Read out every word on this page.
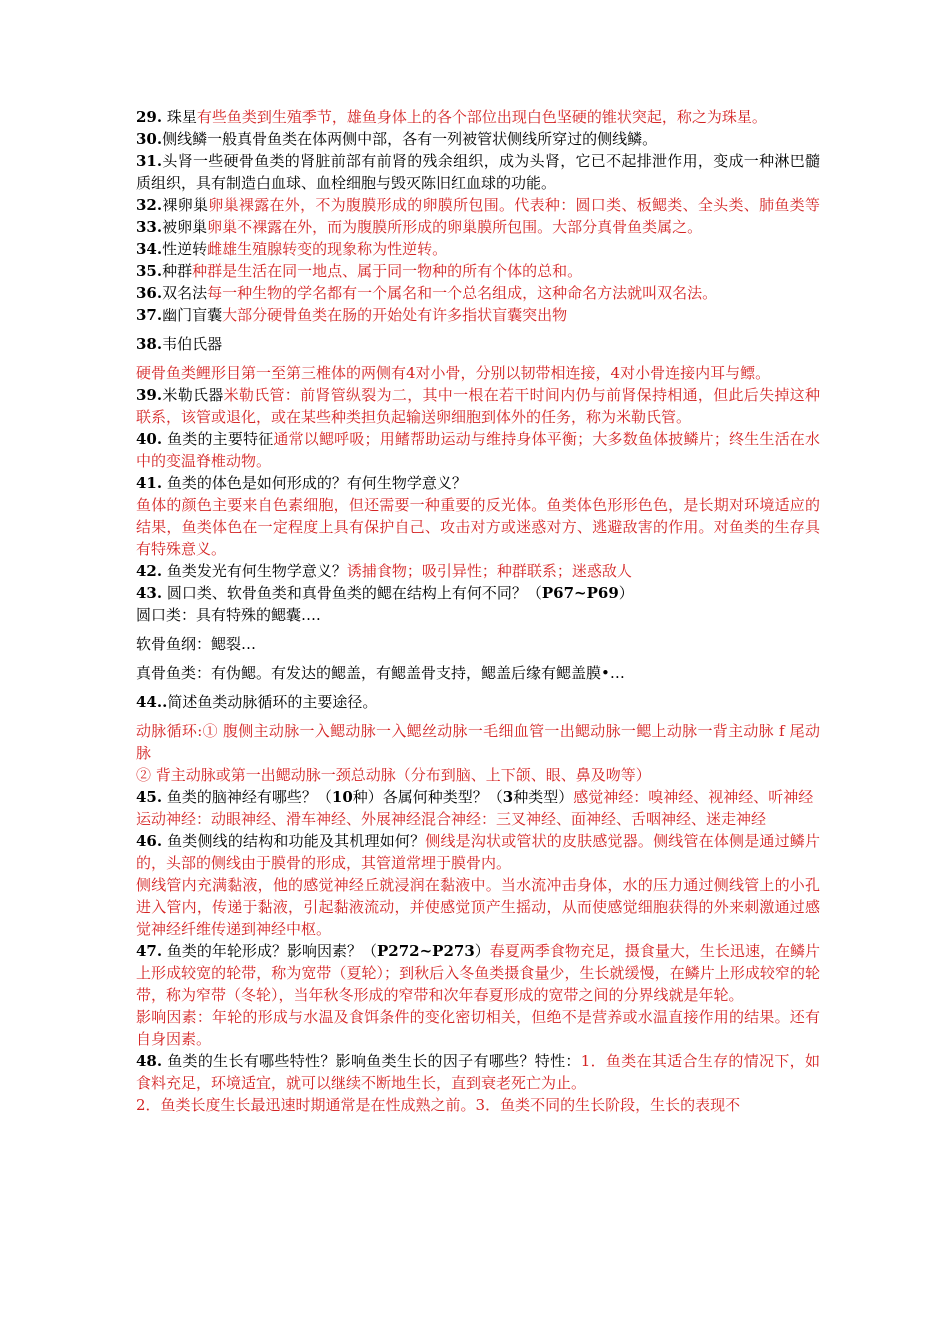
29. 珠星有些鱼类到生殖季节，雄鱼身体上的各个部位出现白色坚硬的锥状突起，称之为珠星。

30.侧线鳞一般真骨鱼类在体两侧中部，各有一列被管状侧线所穿过的侧线鳞。

31.头肾一些硬骨鱼类的肾脏前部有前肾的残余组织，成为头肾，它已不起排泄作用，变成一种淋巴髓质组织，具有制造白血球、血栓细胞与毁灭陈旧红血球的功能。

32.裸卵巢卵巢裸露在外，不为腹膜形成的卵膜所包围。代表种：圆口类、板鳃类、全头类、肺鱼类等33.被卵巢卵巢不裸露在外，而为腹膜所形成的卵巢膜所包围。大部分真骨鱼类属之。

34.性逆转雌雄生殖腺转变的现象称为性逆转。

35.种群种群是生活在同一地点、属于同一物种的所有个体的总和。

36.双名法每一种生物的学名都有一个属名和一个总名组成，这种命名方法就叫双名法。

37.幽门盲囊大部分硬骨鱼类在肠的开始处有许多指状盲囊突出物

38.韦伯氏器

硬骨鱼类鲤形目第一至第三椎体的两侧有4对小骨，分别以韧带相连接，4对小骨连接内耳与鳔。

39.米勒氏器米勒氏管：前肾管纵裂为二，其中一根在若干时间内仍与前肾保持相通，但此后失掉这种联系，该管或退化，或在某些种类担负起输送卵细胞到体外的任务，称为米勒氏管。

40. 鱼类的主要特征通常以鳃呼吸；用鳍帮助运动与维持身体平衡；大多数鱼体披鳞片；终生生活在水中的变温脊椎动物。

41. 鱼类的体色是如何形成的？有何生物学意义？

鱼体的颜色主要来自色素细胞，但还需要一种重要的反光体。鱼类体色形形色色，是长期对环境适应的结果，鱼类体色在一定程度上具有保护自己、攻击对方或迷惑对方、逃避敌害的作用。对鱼类的生存具有特殊意义。

42. 鱼类发光有何生物学意义？诱捕食物；吸引异性；种群联系；迷惑敌人

43. 圆口类、软骨鱼类和真骨鱼类的鳃在结构上有何不同？（P67~P69）

圆口类：具有特殊的鳃囊….

软骨鱼纲：鳃裂…

真骨鱼类：有伪鳃。有发达的鳃盖，有鳃盖骨支持，鳃盖后缘有鳃盖膜•…

44..简述鱼类动脉循环的主要途径。

动脉循环:① 腹侧主动脉一入鳃动脉一入鳃丝动脉一毛细血管一出鳃动脉一鳃上动脉一背主动脉 f 尾动脉

② 背主动脉或第一出鳃动脉一颈总动脉（分布到脑、上下颌、眼、鼻及吻等）

45. 鱼类的脑神经有哪些？（10种）各属何种类型？（3种类型）感觉神经：嗅神经、视神经、听神经

运动神经：动眼神经、滑车神经、外展神经混合神经：三叉神经、面神经、舌咽神经、迷走神经

46. 鱼类侧线的结构和功能及其机理如何？侧线是沟状或管状的皮肤感觉器。侧线管在体侧是通过鳞片的，头部的侧线由于膜骨的形成，其管道常埋于膜骨内。

侧线管内充满黏液，他的感觉神经丘就浸润在黏液中。当水流冲击身体，水的压力通过侧线管上的小孔进入管内，传递于黏液，引起黏液流动，并使感觉顶产生摇动，从而使感觉细胞获得的外来刺激通过感觉神经纤维传递到神经中枢。

47. 鱼类的年轮形成？影响因素？（P272~P273）春夏两季食物充足，摄食量大，生长迅速，在鳞片上形成较宽的轮带，称为宽带（夏轮）；到秋后入冬鱼类摄食量少，生长就缓慢，在鳞片上形成较窄的轮带，称为窄带（冬轮），当年秋冬形成的窄带和次年春夏形成的宽带之间的分界线就是年轮。

影响因素：年轮的形成与水温及食饵条件的变化密切相关，但绝不是营养或水温直接作用的结果。还有自身因素。

48. 鱼类的生长有哪些特性？影响鱼类生长的因子有哪些？特性：1．鱼类在其适合生存的情况下，如食料充足，环境适宜，就可以继续不断地生长，直到衰老死亡为止。

2．鱼类长度生长最迅速时期通常是在性成熟之前。3．鱼类不同的生长阶段，生长的表现不
